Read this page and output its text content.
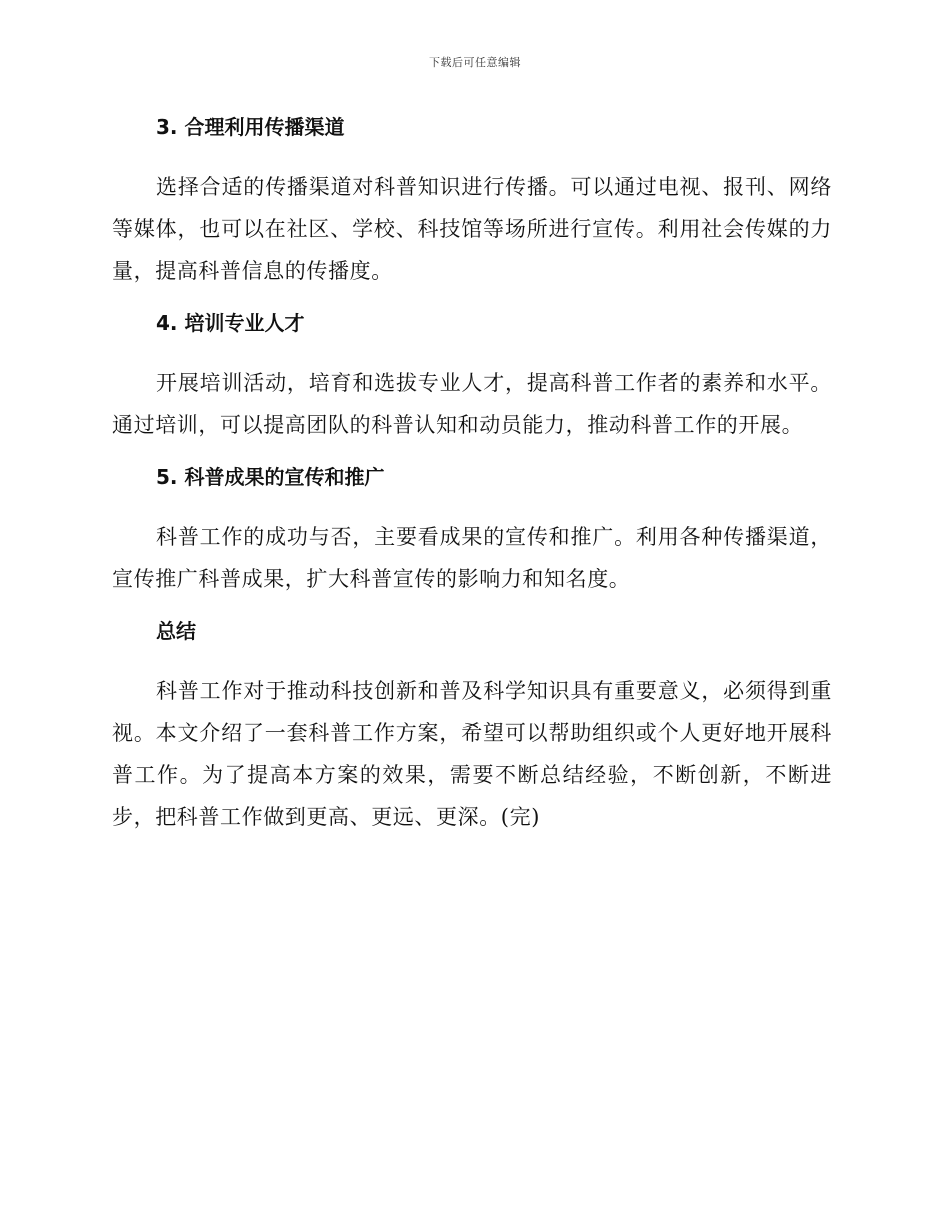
下载后可任意编辑
3. 合理利用传播渠道

选择合适的传播渠道对科普知识进行传播。可以通过电视、报刊、网络等媒体，也可以在社区、学校、科技馆等场所进行宣传。利用社会传媒的力量，提高科普信息的传播度。

4. 培训专业人才

开展培训活动，培育和选拔专业人才，提高科普工作者的素养和水平。通过培训，可以提高团队的科普认知和动员能力，推动科普工作的开展。

5. 科普成果的宣传和推广

科普工作的成功与否，主要看成果的宣传和推广。利用各种传播渠道，宣传推广科普成果，扩大科普宣传的影响力和知名度。

总结

科普工作对于推动科技创新和普及科学知识具有重要意义，必须得到重视。本文介绍了一套科普工作方案，希望可以帮助组织或个人更好地开展科普工作。为了提高本方案的效果，需要不断总结经验，不断创新，不断进步，把科普工作做到更高、更远、更深。(完)
